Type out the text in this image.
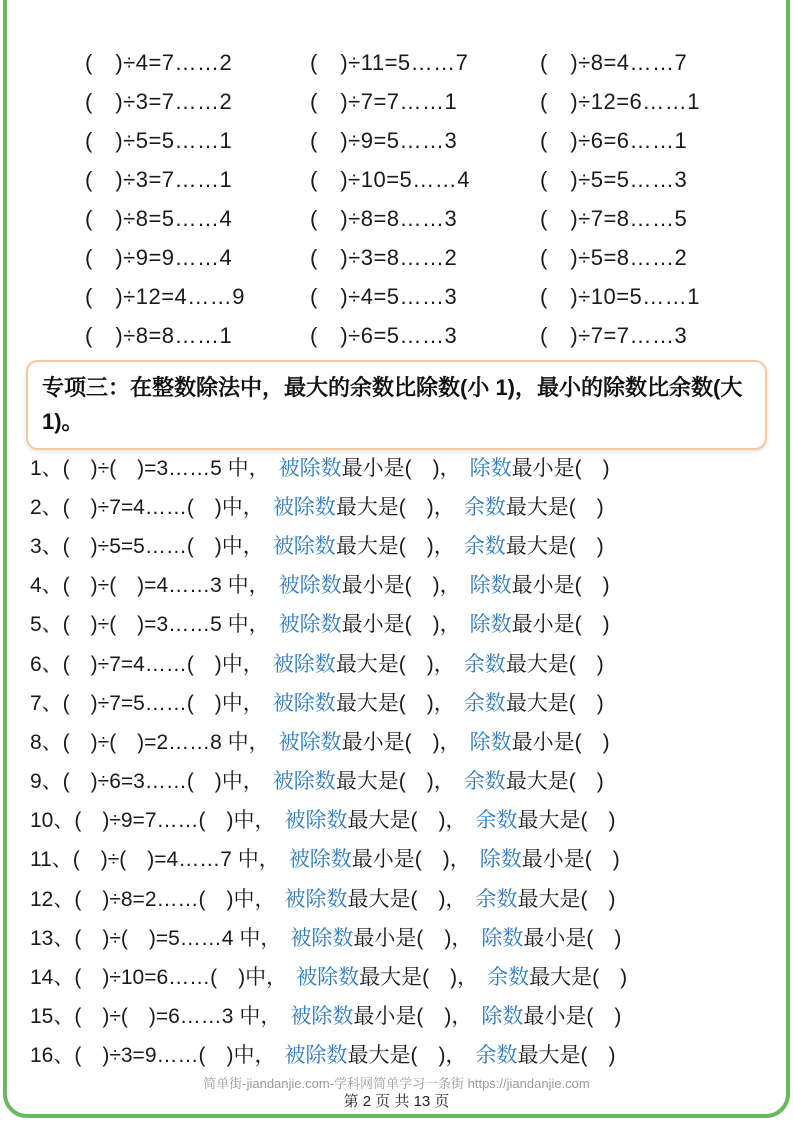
(　)÷4=7……2	(　)÷11=5……7	(　)÷8=4……7
(　)÷3=7……2	(　)÷7=7……1	(　)÷12=6……1
(　)÷5=5……1	(　)÷9=5……3	(　)÷6=6……1
(　)÷3=7……1	(　)÷10=5……4	(　)÷5=5……3
(　)÷8=5……4	(　)÷8=8……3	(　)÷7=8……5
(　)÷9=9……4	(　)÷3=8……2	(　)÷5=8……2
(　)÷12=4……9	(　)÷4=5……3	(　)÷10=5……1
(　)÷8=8……1	(　)÷6=5……3	(　)÷7=7……3
专项三：在整数除法中，最大的余数比除数(小 1)，最小的除数比余数(大 1)。
1、(　)÷(　)=3……5 中， 被除数 最小是(　)， 除数 最小是(　)
2、(　)÷7=4……(　)中， 被除数 最大是(　)， 余数 最大是(　)
3、(　)÷5=5……(　)中， 被除数 最大是(　)， 余数 最大是(　)
4、(　)÷(　)=4……3 中， 被除数 最小是(　)， 除数 最小是(　)
5、(　)÷(　)=3……5 中， 被除数 最小是(　)， 除数 最小是(　)
6、(　)÷7=4……(　)中， 被除数 最大是(　)， 余数 最大是(　)
7、(　)÷7=5……(　)中， 被除数 最大是(　)， 余数 最大是(　)
8、(　)÷(　)=2……8 中， 被除数 最小是(　)， 除数 最小是(　)
9、(　)÷6=3……(　)中， 被除数 最大是(　)， 余数 最大是(　)
10、(　)÷9=7……(　)中， 被除数 最大是(　)， 余数 最大是(　)
11、(　)÷(　)=4……7 中， 被除数 最小是(　)， 除数 最小是(　)
12、(　)÷8=2……(　)中， 被除数 最大是(　)， 余数 最大是(　)
13、(　)÷(　)=5……4 中， 被除数 最小是(　)， 除数 最小是(　)
14、(　)÷10=6……(　)中， 被除数 最大是(　)， 余数 最大是(　)
15、(　)÷(　)=6……3 中， 被除数 最小是(　)， 除数 最小是(　)
16、(　)÷3=9……(　)中， 被除数 最大是(　)， 余数 最大是(　)
简单街-jiandanjie.com-学科网简单学习一条街 https://jiandanjie.com
第 2 页 共 13 页
